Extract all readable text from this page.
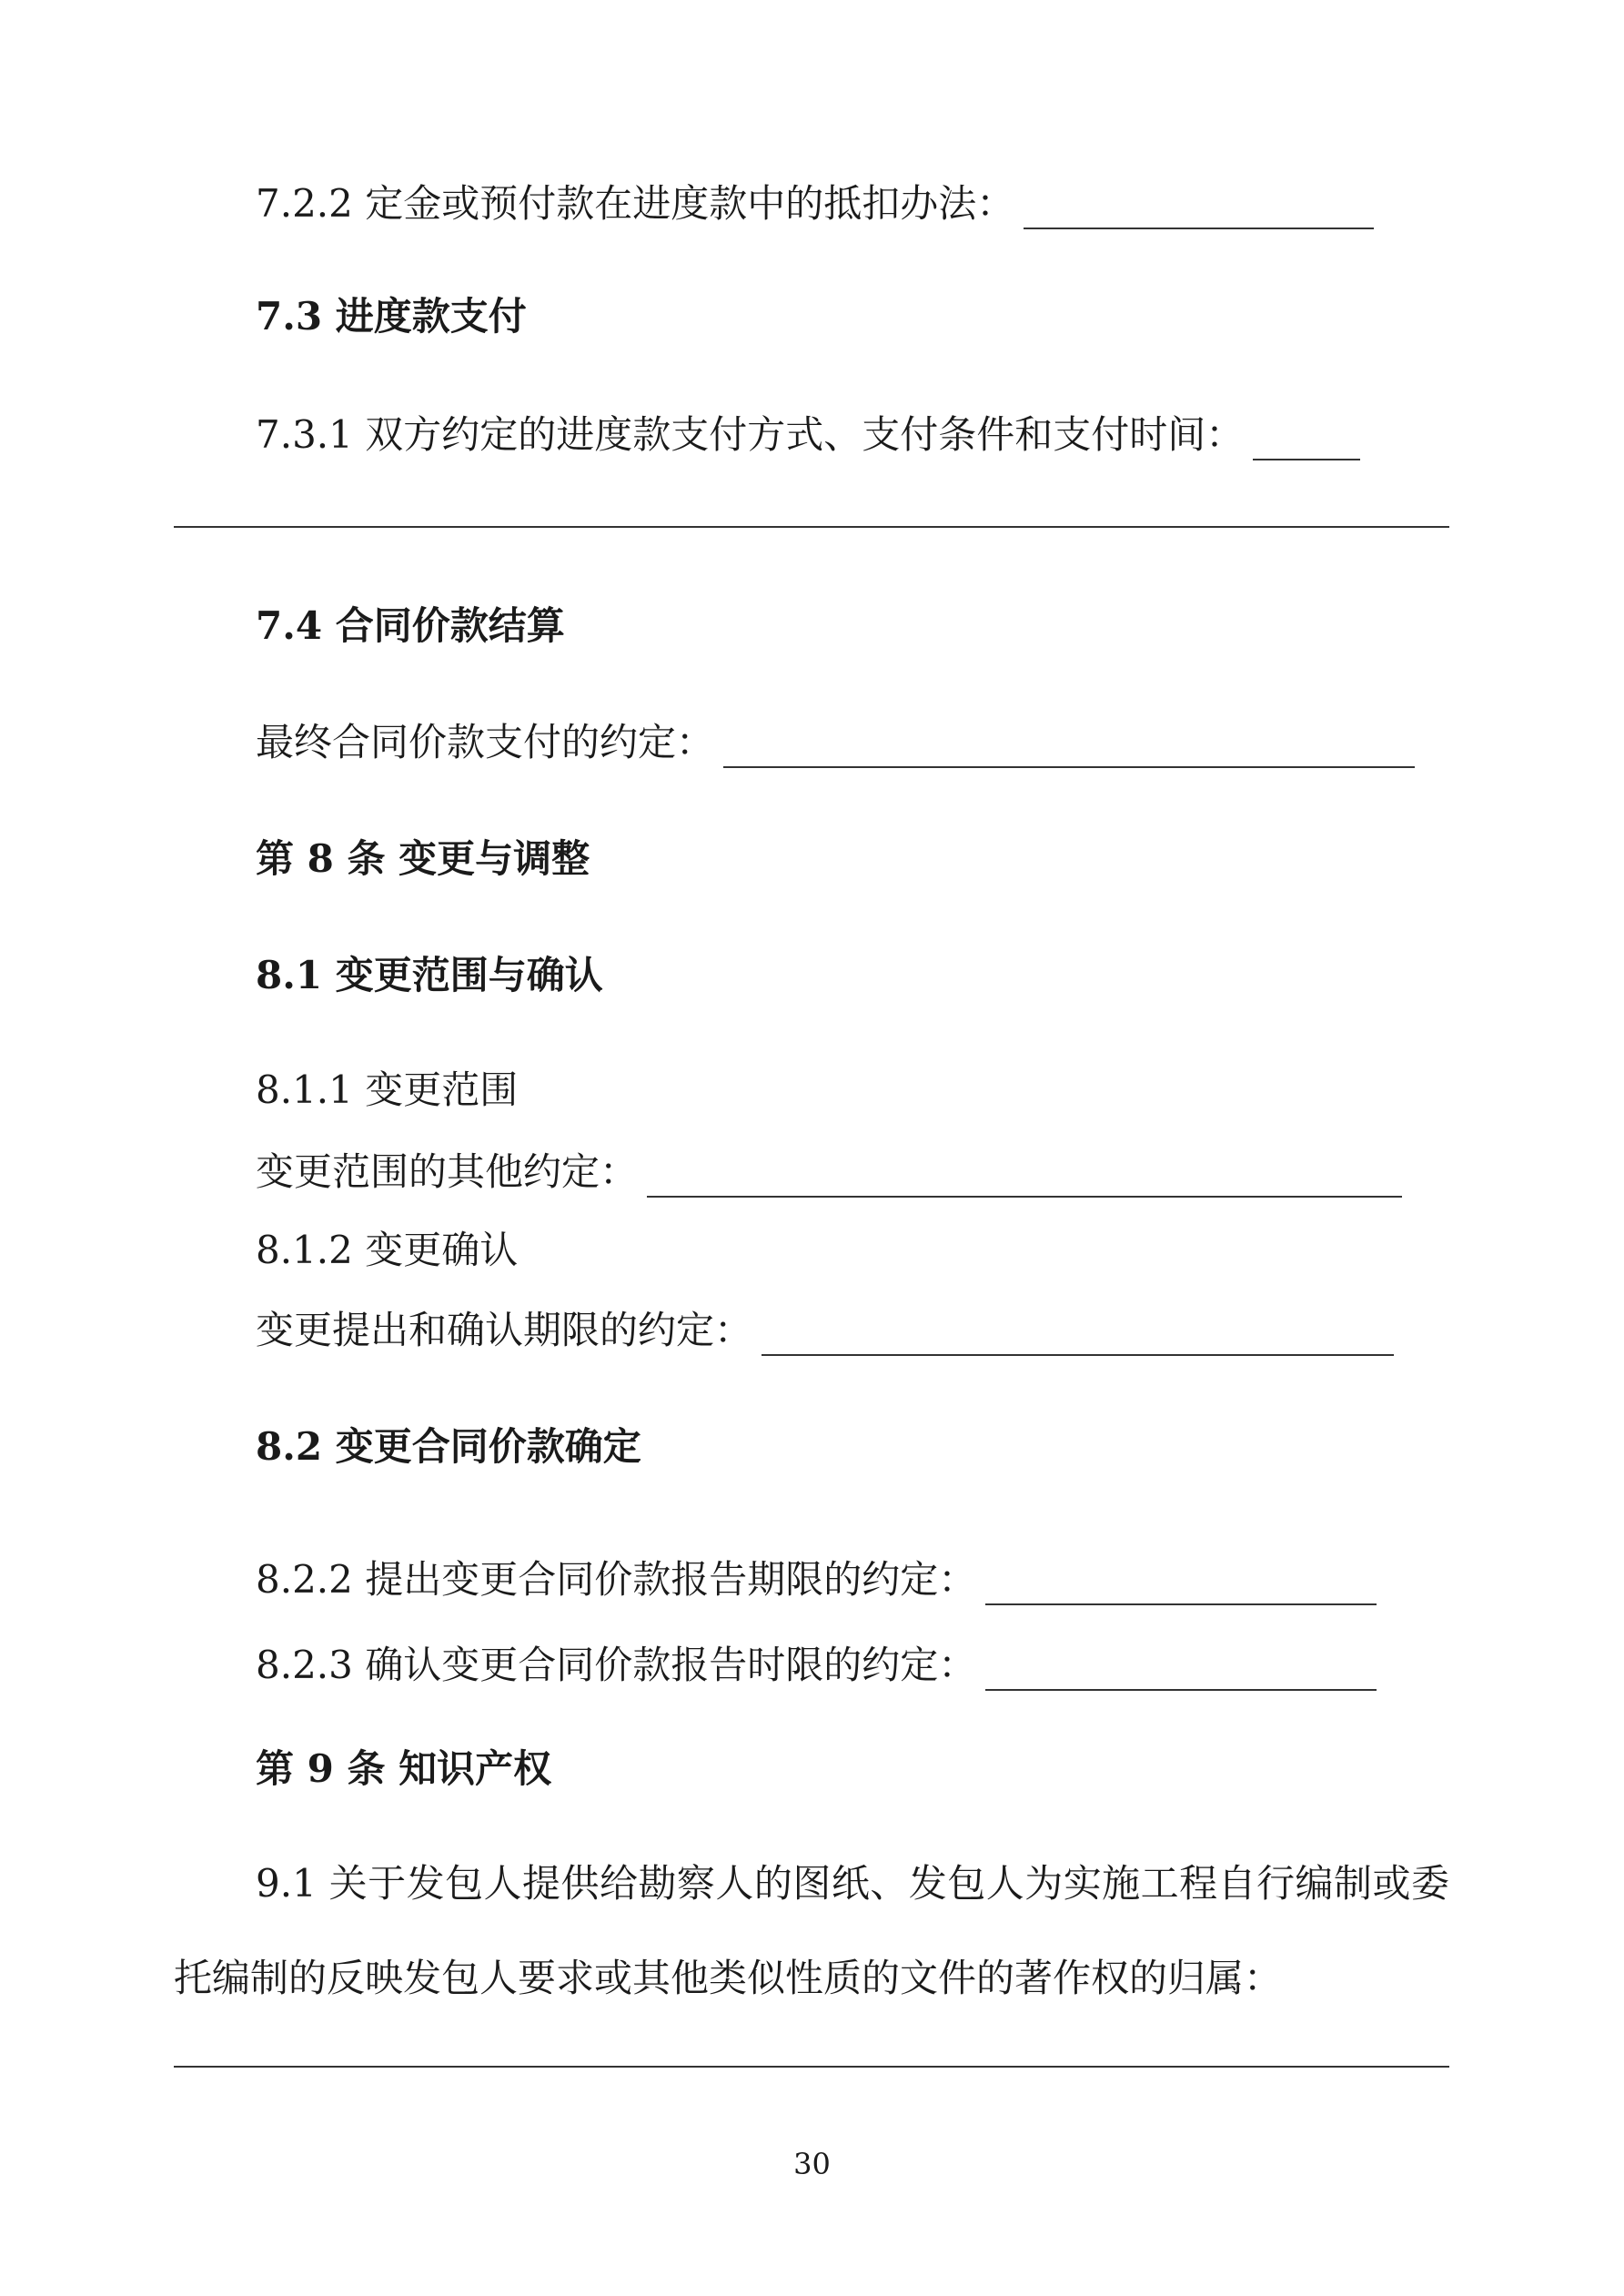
7.2.2 定金或预付款在进度款中的抵扣办法：
7.3 进度款支付
7.3.1 双方约定的进度款支付方式、支付条件和支付时间：
7.4 合同价款结算
最终合同价款支付的约定：
第 8 条 变更与调整
8.1 变更范围与确认
8.1.1 变更范围
变更范围的其他约定：
8.1.2 变更确认
变更提出和确认期限的约定：
8.2 变更合同价款确定
8.2.2 提出变更合同价款报告期限的约定：
8.2.3 确认变更合同价款报告时限的约定：
第 9 条 知识产权
9.1 关于发包人提供给勘察人的图纸、发包人为实施工程自行编制或委托编制的反映发包人要求或其他类似性质的文件的著作权的归属：
30
